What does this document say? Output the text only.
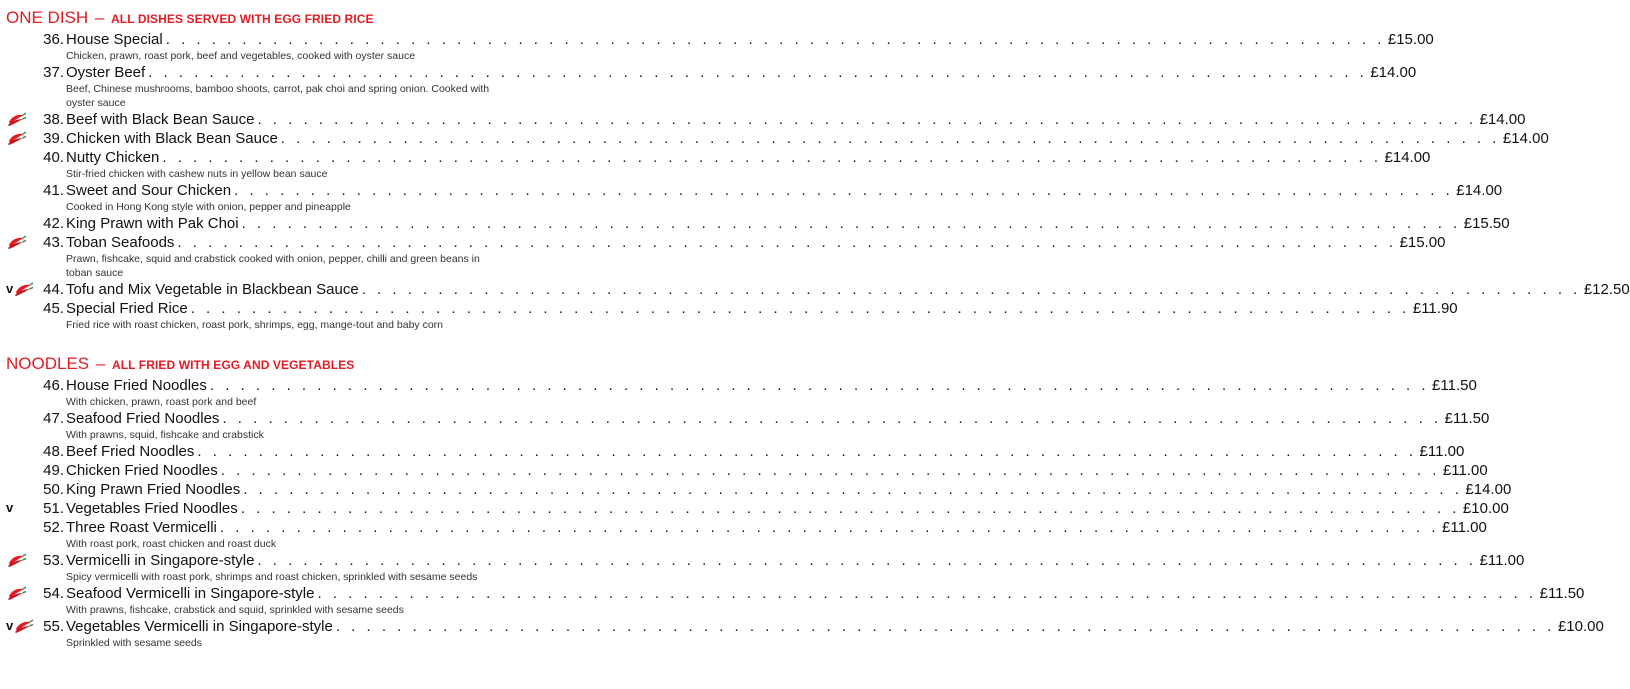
ONE DISH – ALL DISHES SERVED WITH EGG FRIED RICE
36. House Special . . . . . . . . . . . . . . . . . . . . . . . . . . . . . . . . . . . . . . . . . . . . . . . . . . . . . . . . . . . . . . . . . . . . . . . . . . . . . . . . £15.00
Chicken, prawn, roast pork, beef and vegetables, cooked with oyster sauce
37. Oyster Beef . . . . . . . . . . . . . . . . . . . . . . . . . . . . . . . . . . . . . . . . . . . . . . . . . . . . . . . . . . . . . . . . . . . . . . . . . . . . . . . . £14.00
Beef, Chinese mushrooms, bamboo shoots, carrot, pak choi and spring onion. Cooked with oyster sauce
38. Beef with Black Bean Sauce . . . . . . . . . . . . . . . . . . . . . . . . . . . . . . . . . . . . . . . . . . . . . . . . . . . . . . . . . . . . . . . . . . . . . . . . . . . . . . . . £14.00
39. Chicken with Black Bean Sauce . . . . . . . . . . . . . . . . . . . . . . . . . . . . . . . . . . . . . . . . . . . . . . . . . . . . . . . . . . . . . . . . . . . . . . . . . . . . . . . . £14.00
40. Nutty Chicken . . . . . . . . . . . . . . . . . . . . . . . . . . . . . . . . . . . . . . . . . . . . . . . . . . . . . . . . . . . . . . . . . . . . . . . . . . . . . . . . £14.00
Stir-fried chicken with cashew nuts in yellow bean sauce
41. Sweet and Sour Chicken . . . . . . . . . . . . . . . . . . . . . . . . . . . . . . . . . . . . . . . . . . . . . . . . . . . . . . . . . . . . . . . . . . . . . . . . . . . . . . . . £14.00
Cooked in Hong Kong style with onion, pepper and pineapple
42. King Prawn with Pak Choi . . . . . . . . . . . . . . . . . . . . . . . . . . . . . . . . . . . . . . . . . . . . . . . . . . . . . . . . . . . . . . . . . . . . . . . . . . . . . . . . £15.50
43. Toban Seafoods . . . . . . . . . . . . . . . . . . . . . . . . . . . . . . . . . . . . . . . . . . . . . . . . . . . . . . . . . . . . . . . . . . . . . . . . . . . . . . . . £15.00
Prawn, fishcake, squid and crabstick cooked with onion, pepper, chilli and green beans in toban sauce
v	44. Tofu and Mix Vegetable in Blackbean Sauce . . . . . . . . . . . . . . . . . . . . . . . . . . . . . . . . . . . . . . . . . . . . . . . . . . . . . . . . . . . . . . . . . . . . . . . . . . . . . . . . £12.50
45. Special Fried Rice . . . . . . . . . . . . . . . . . . . . . . . . . . . . . . . . . . . . . . . . . . . . . . . . . . . . . . . . . . . . . . . . . . . . . . . . . . . . . . . . £11.90
Fried rice with roast chicken, roast pork, shrimps, egg, mange-tout and baby corn
NOODLES – ALL FRIED WITH EGG AND VEGETABLES
46. House Fried Noodles . . . . . . . . . . . . . . . . . . . . . . . . . . . . . . . . . . . . . . . . . . . . . . . . . . . . . . . . . . . . . . . . . . . . . . . . . . . . . . . . £11.50
With chicken, prawn, roast pork and beef
47. Seafood Fried Noodles . . . . . . . . . . . . . . . . . . . . . . . . . . . . . . . . . . . . . . . . . . . . . . . . . . . . . . . . . . . . . . . . . . . . . . . . . . . . . . . . £11.50
With prawns, squid, fishcake and crabstick
48. Beef Fried Noodles . . . . . . . . . . . . . . . . . . . . . . . . . . . . . . . . . . . . . . . . . . . . . . . . . . . . . . . . . . . . . . . . . . . . . . . . . . . . . . . . £11.00
49. Chicken Fried Noodles . . . . . . . . . . . . . . . . . . . . . . . . . . . . . . . . . . . . . . . . . . . . . . . . . . . . . . . . . . . . . . . . . . . . . . . . . . . . . . . . £11.00
50. King Prawn Fried Noodles . . . . . . . . . . . . . . . . . . . . . . . . . . . . . . . . . . . . . . . . . . . . . . . . . . . . . . . . . . . . . . . . . . . . . . . . . . . . . . . . £14.00
v	51. Vegetables Fried Noodles . . . . . . . . . . . . . . . . . . . . . . . . . . . . . . . . . . . . . . . . . . . . . . . . . . . . . . . . . . . . . . . . . . . . . . . . . . . . . . . . £10.00
52. Three Roast Vermicelli . . . . . . . . . . . . . . . . . . . . . . . . . . . . . . . . . . . . . . . . . . . . . . . . . . . . . . . . . . . . . . . . . . . . . . . . . . . . . . . . £11.00
With roast pork, roast chicken and roast duck
53. Vermicelli in Singapore-style . . . . . . . . . . . . . . . . . . . . . . . . . . . . . . . . . . . . . . . . . . . . . . . . . . . . . . . . . . . . . . . . . . . . . . . . . . . . . . . . £11.00
Spicy vermicelli with roast pork, shrimps and roast chicken, sprinkled with sesame seeds
54. Seafood Vermicelli in Singapore-style . . . . . . . . . . . . . . . . . . . . . . . . . . . . . . . . . . . . . . . . . . . . . . . . . . . . . . . . . . . . . . . . . . . . . . . . . . . . . . . . £11.50
With prawns, fishcake, crabstick and squid, sprinkled with sesame seeds
v	55. Vegetables Vermicelli in Singapore-style . . . . . . . . . . . . . . . . . . . . . . . . . . . . . . . . . . . . . . . . . . . . . . . . . . . . . . . . . . . . . . . . . . . . . . . . . . . . . . . . £10.00
Sprinkled with sesame seeds
